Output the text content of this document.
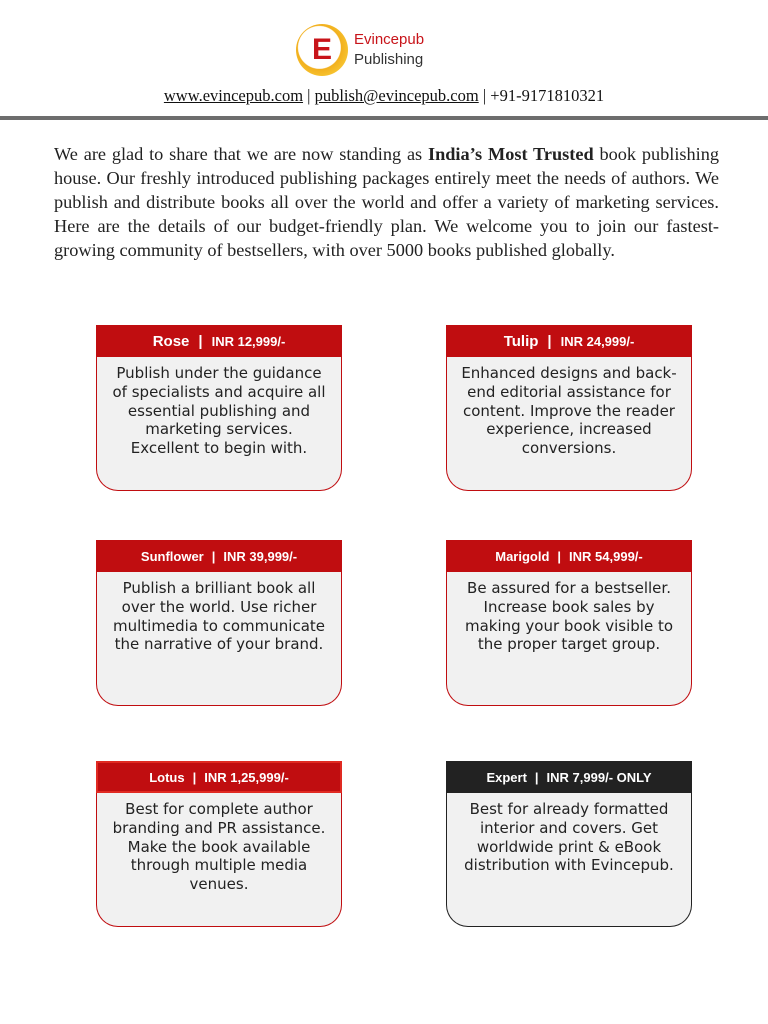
E Evincepub
Publishing
www.evincepub.com | publish@evincepub.com | +91-9171810321
We are glad to share that we are now standing as India’s Most Trusted book publishing house. Our freshly introduced publishing packages entirely meet the needs of authors. We publish and distribute books all over the world and offer a variety of marketing services. Here are the details of our budget-friendly plan. We welcome you to join our fastest-growing community of bestsellers, with over 5000 books published globally.
Rose | INR 12,999/-
Publish under the guidance of specialists and acquire all essential publishing and marketing services. Excellent to begin with.
Tulip | INR 24,999/-
Enhanced designs and back-end editorial assistance for content. Improve the reader experience, increased conversions.
Sunflower | INR 39,999/-
Publish a brilliant book all over the world. Use richer multimedia to communicate the narrative of your brand.
Marigold | INR 54,999/-
Be assured for a bestseller. Increase book sales by making your book visible to the proper target group.
Lotus | INR 1,25,999/-
Best for complete author branding and PR assistance. Make the book available through multiple media venues.
Expert | INR 7,999/- ONLY
Best for already formatted interior and covers. Get worldwide print & eBook distribution with Evincepub.
